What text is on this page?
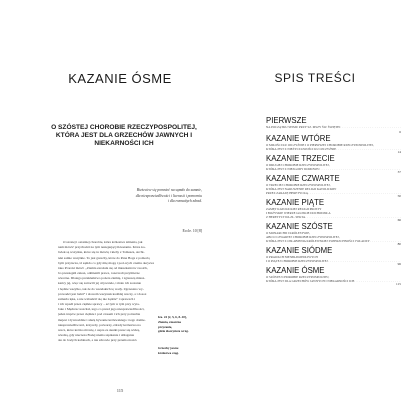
KAZANIE ÓSME
O SZÓSTEJ CHOROBIE RZECZYPOSPOLITEJ, KTÓRA JEST DLA GRZECHÓW JAWNYCH I NIEKARNOŚCI ICH
Bieżeciew się pomnieć na sąmdo do sumnie,
dla niesprawiedliwości i licenssii i pomorniu
i dla rozmaitych zdrad.
Eccle. 10 [8]
O szóstej i ostatniej chorobie, która królestwa zmienia, jak
nam mówić przychodzi na tym następującym kazaniu. Które ko-
lwiek są wszytkie, które się tu mówią i kieby z Tomasza, Archi-
tekt samie wszytkie. To jest grzechy, które do Pana Boga z pomorią
bym przytacza, iż sąmdo co gdy mię mogą i pod-wych czemu okryewa
iako Proroki mówi: „Ziemia zarażała się od mieszkańców swoich,
bo przestępili zakon, odmienili prawa, rozerwali przymierze
wieczne. Dlatego przekleństwo pożera ziemię, i zgrzeszą miesz-
kańcy jej, więc się zatracili jej obywatele, i mało ich zostanie
i będzie wszytko, tak że do wszelakich tę wady. Zgrzeszno wy-
prowadzi jest ludzi” i słowem wszystek kadżdej rzeczy, a i dosoz
zamarła lęka, a nie wzbudzić się nie żądzie” i sprawach i
i ich wpadł przez ciężkie sprawy – aż tym w tym przy wyta-
Jako i Mędrzec uszcitał, tego co przed jego niesprawiedliwości,
jeden trupów przez ciężkie i pod czasem i ich przy potrzebie
mejest i żywnoździe i służą hywanie królewskiego i tego domie-
niesprawiedliwości, krzywdy, potwarzy, zdrady królestwa na
rzecz, które krótko mówię, i uspra ze skutki przez się widzą,
wiedzą, gdy niecnota Bożej niema szpikanie i ubłaganie
ale do bożych kabinach, a nie zdrowie przy przemocności.
Iza. 24 [2, 5, 6, 8–10],
Ziemia, zmarzna
przyzanie,
gdzie złoczyńcze wróg.
Grzechy jawne
królestwa cząg.
115
SPIS TREŚCI
PIERWSZE
NA POCZĄTKU SEJMU PRZY SZ. MSZY ŚW. ŚWIĘTEJ . . .
6
KAZANIE WTÓRE
O MIŁOŚCI KU OJCZYŹNIE I O PIERWSZEJ CHOROBIE RZECZYPOSPOLITEJ,
KTÓRA JEST Z NIEŻYCZLIWOŚCI KU OJCZYŹNIE . . .
14
KAZANIE TRZECIE
O DRUGIEJ CHOROBIE RZECZYPOSPOLITEJ,
KTÓRA JEST Z NIEZGODY DOMOWEJ . . .
37
KAZANIE CZWARTE
O TRZECIEJ CHOROBIE RZECZYPOSPOLITEJ,
KTÓRA JEST NARUSZENIE RELIGII KATOLICKIEJ
PRZEZ ZARAZĘ HERETYCKĄ . . .
50
KAZANIE PIĄTE
ZAMĘT KATOLICKIEJ RELIGII PROSTY
I BOŻYSKIE WIERZE GŁOSKIE DOCHODZIŁA
Z HERETYCTWA ZŁ. SEKTA . . .
66
KAZANIE SZÓSTE
O MONARCHII I KRÓLESTWIE,
ABO O CZWARTEJ CHOROBIE RZECZYPOSPOLITEJ,
KTÓRA JEST Z OSŁABIENIA KRÓLEWSKIEJ ZWIERZCHNOŚCI I WŁADZY . . .
80
KAZANIE SIÓDME
O PRAWACH NIESPRAWIEDLIWYCH
I O PIĄTEJ CHOROBIE RZECZYPOSPOLITEJ . . .
96
KAZANIE ÓSME
O SZÓSTEJ CHOROBIE RZECZYPOSPOLITEJ,
KTÓRA JEST DLA GRZECHÓW JAWNYCH I NIEKARNOŚCI ICH . . .
115
